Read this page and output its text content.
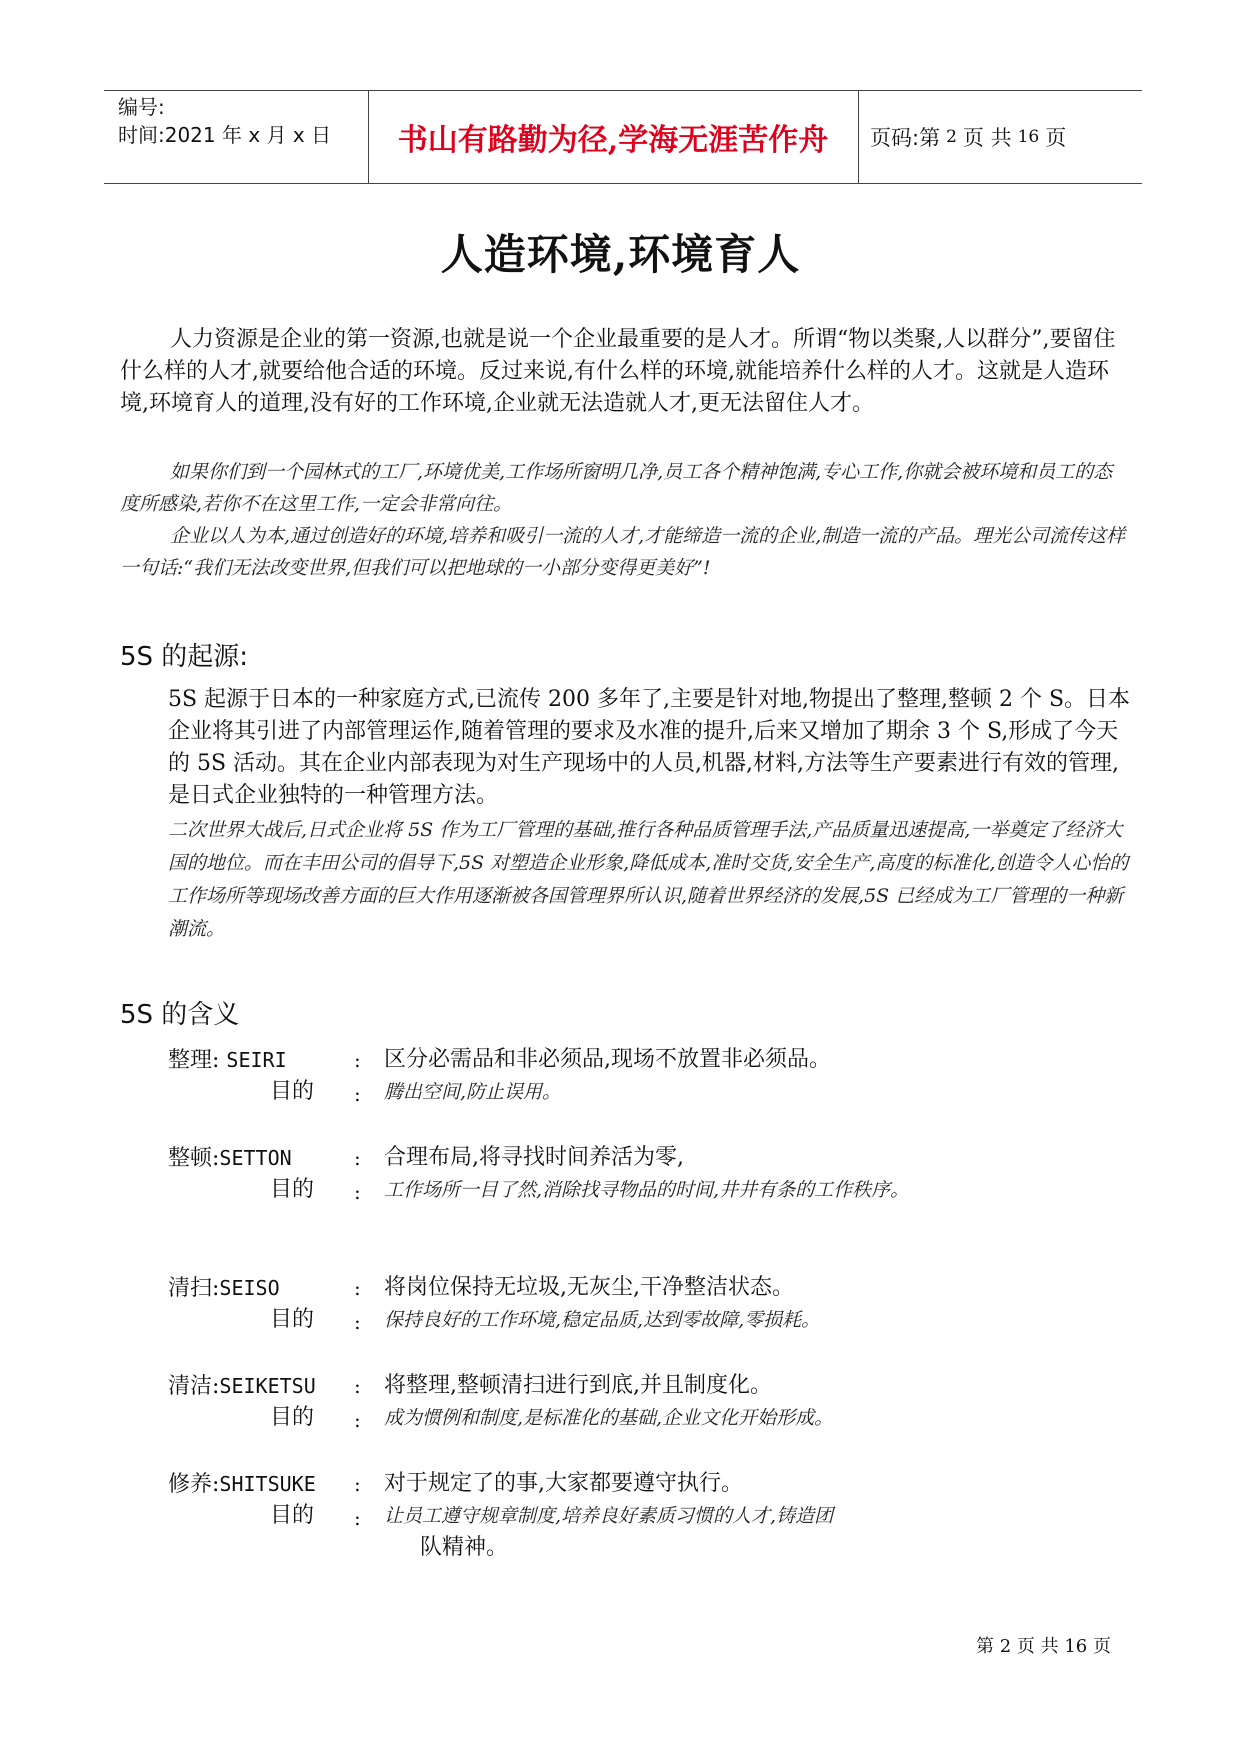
编号:
时间:2021 年 x 月 x 日	书山有路勤为径,学海无涯苦作舟	页码:第 2 页 共 16 页
人造环境,环境育人

人力资源是企业的第一资源,也就是说一个企业最重要的是人才。所谓“物以类聚,人以群分”,要留住什么样的人才,就要给他合适的环境。反过来说,有什么样的环境,就能培养什么样的人才。这就是人造环境,环境育人的道理,没有好的工作环境,企业就无法造就人才,更无法留住人才。

如果你们到一个园林式的工厂,环境优美,工作场所窗明几净,员工各个精神饱满,专心工作,你就会被环境和员工的态度所感染,若你不在这里工作,一定会非常向往。

企业以人为本,通过创造好的环境,培养和吸引一流的人才,才能缔造一流的企业,制造一流的产品。理光公司流传这样一句话:“我们无法改变世界,但我们可以把地球的一小部分变得更美好”!

5S 的起源:

5S 起源于日本的一种家庭方式,已流传 200 多年了,主要是针对地,物提出了整理,整顿 2 个 S。日本企业将其引进了内部管理运作,随着管理的要求及水准的提升,后来又增加了期余 3 个 S,形成了今天的 5S 活动。其在企业内部表现为对生产现场中的人员,机器,材料,方法等生产要素进行有效的管理,是日式企业独特的一种管理方法。

二次世界大战后,日式企业将 5S 作为工厂管理的基础,推行各种品质管理手法,产品质量迅速提高,一举奠定了经济大国的地位。而在丰田公司的倡导下,5S 对塑造企业形象,降低成本,准时交货,安全生产,高度的标准化,创造令人心怡的工作场所等现场改善方面的巨大作用逐渐被各国管理界所认识,随着世界经济的发展,5S 已经成为工厂管理的一种新潮流。

5S 的含义
整理: SEIRI	: 区分必需品和非必须品,现场不放置非必须品。
目的 : 腾出空间,防止误用。
整顿:SETTON	: 合理布局,将寻找时间养活为零,
目的 : 工作场所一目了然,消除找寻物品的时间,井井有条的工作秩序。
清扫:SEISO	: 将岗位保持无垃圾,无灰尘,干净整洁状态。
目的 : 保持良好的工作环境,稳定品质,达到零故障,零损耗。
清洁:SEIKETSU : 将整理,整顿清扫进行到底,并且制度化。
目的 : 成为惯例和制度,是标准化的基础,企业文化开始形成。
修养:SHITSUKE : 对于规定了的事,大家都要遵守执行。
目的 : 让员工遵守规章制度,培养良好素质习惯的人才,铸造团
队精神。
第 2 页 共 16 页
